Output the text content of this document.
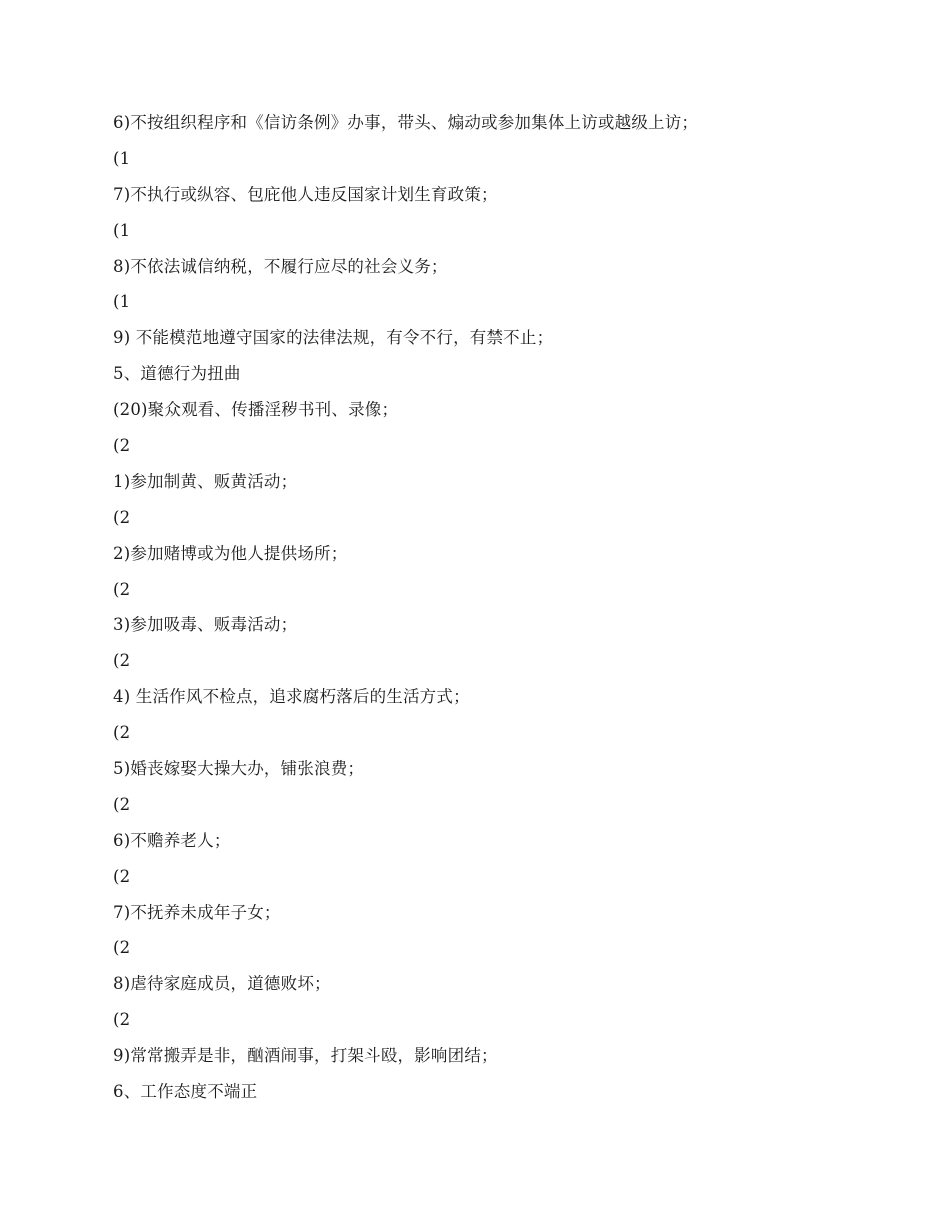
6)不按组织程序和《信访条例》办事，带头、煽动或参加集体上访或越级上访；
(1
7)不执行或纵容、包庇他人违反国家计划生育政策；
(1
8)不依法诚信纳税，不履行应尽的社会义务；
(1
9) 不能模范地遵守国家的法律法规，有令不行，有禁不止；
5、道德行为扭曲
(20)聚众观看、传播淫秽书刊、录像；
(2
1)参加制黄、贩黄活动；
(2
2)参加赌博或为他人提供场所；
(2
3)参加吸毒、贩毒活动；
(2
4) 生活作风不检点，追求腐朽落后的生活方式；
(2
5)婚丧嫁娶大操大办，铺张浪费；
(2
6)不赡养老人；
(2
7)不抚养未成年子女；
(2
8)虐待家庭成员，道德败坏；
(2
9)常常搬弄是非，酗酒闹事，打架斗殴，影响团结；
6、工作态度不端正
